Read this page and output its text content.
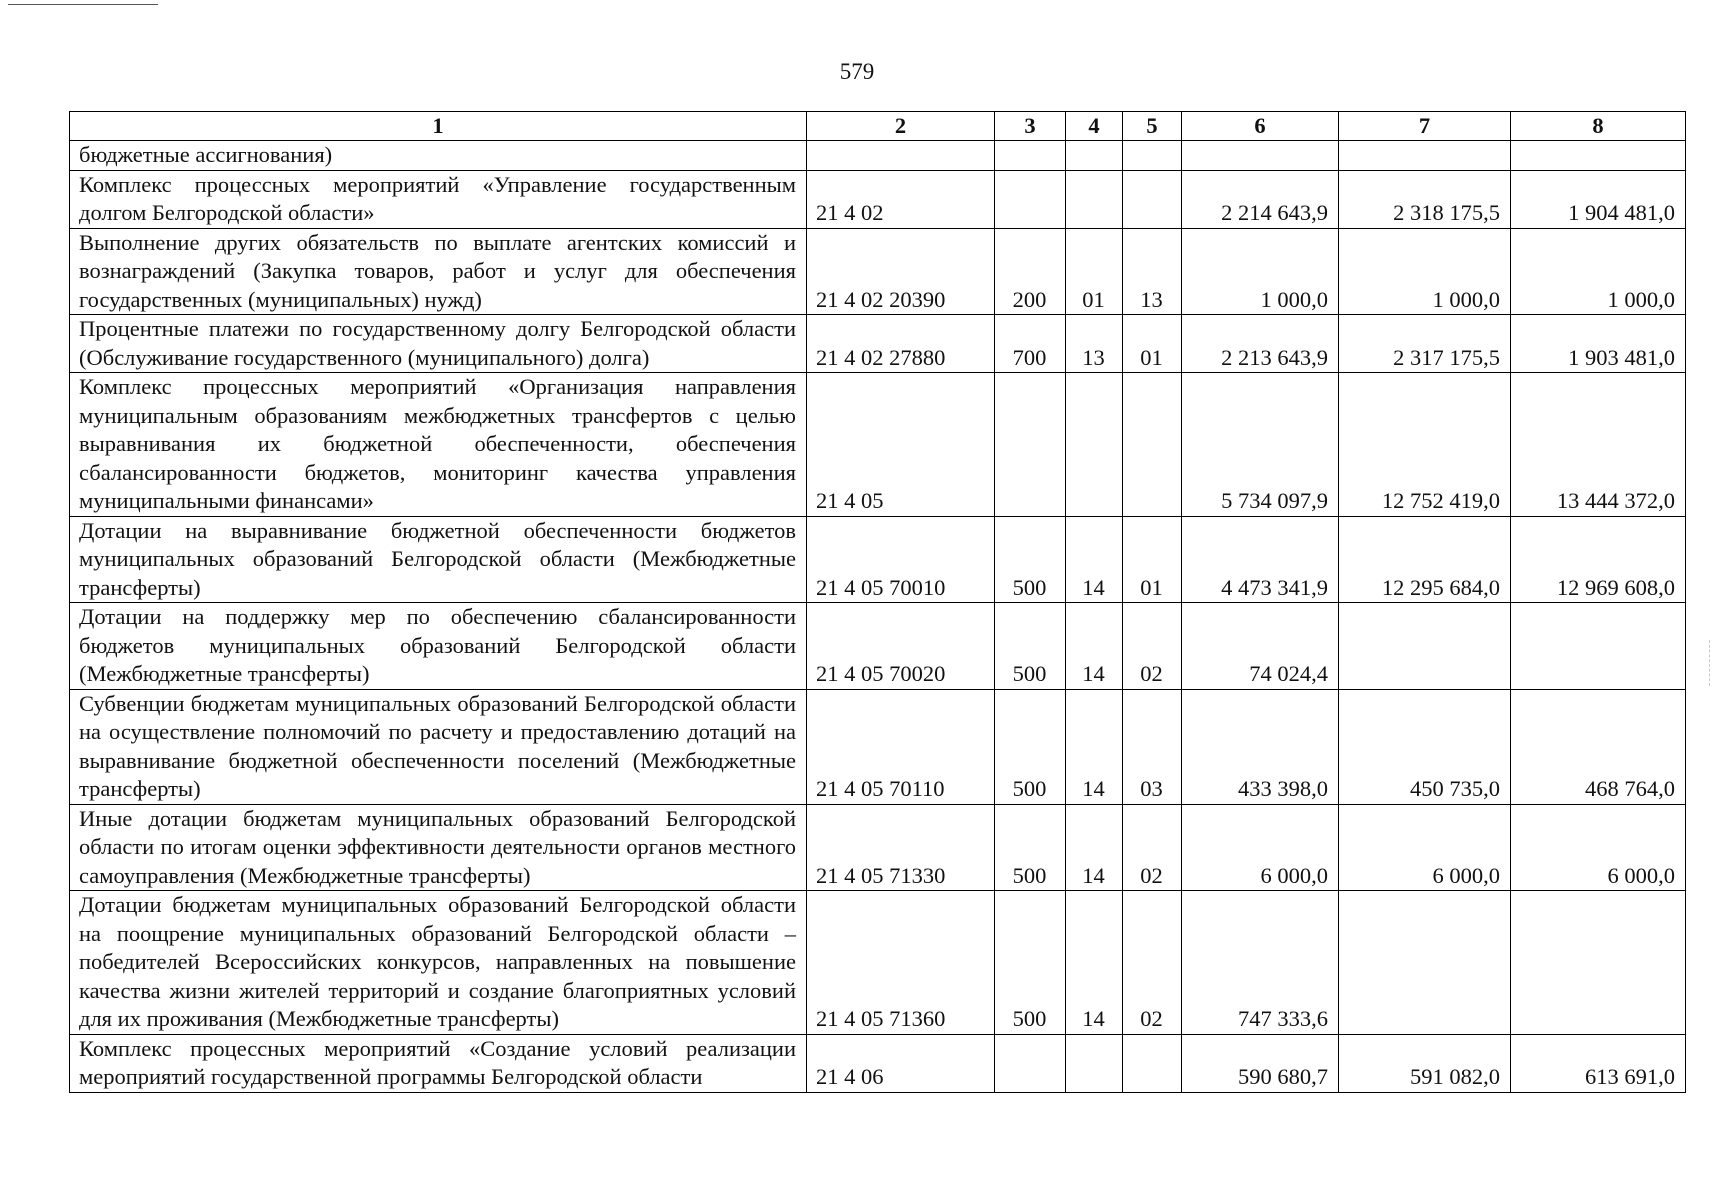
579
1	2	3	4	5	6	7	8
бюджетные ассигнования)							
Комплекс процессных мероприятий «Управление государственным долгом Белгородской области»	21 4 02				2 214 643,9	2 318 175,5	1 904 481,0
Выполнение других обязательств по выплате агентских комиссий и вознаграждений (Закупка товаров, работ и услуг для обеспечения государственных (муниципальных) нужд)	21 4 02 20390	200	01	13	1 000,0	1 000,0	1 000,0
Процентные платежи по государственному долгу Белгородской области (Обслуживание государственного (муниципального) долга)	21 4 02 27880	700	13	01	2 213 643,9	2 317 175,5	1 903 481,0
Комплекс процессных мероприятий «Организация направления муниципальным образованиям межбюджетных трансфертов с целью выравнивания их бюджетной обеспеченности, обеспечения сбалансированности бюджетов, мониторинг качества управления муниципальными финансами»	21 4 05				5 734 097,9	12 752 419,0	13 444 372,0
Дотации на выравнивание бюджетной обеспеченности бюджетов муниципальных образований Белгородской области (Межбюджетные трансферты)	21 4 05 70010	500	14	01	4 473 341,9	12 295 684,0	12 969 608,0
Дотации на поддержку мер по обеспечению сбалансированности бюджетов муниципальных образований Белгородской области (Межбюджетные трансферты)	21 4 05 70020	500	14	02	74 024,4		
Субвенции бюджетам муниципальных образований Белгородской области на осуществление полномочий по расчету и предоставлению дотаций на выравнивание бюджетной обеспеченности поселений (Межбюджетные трансферты)	21 4 05 70110	500	14	03	433 398,0	450 735,0	468 764,0
Иные дотации бюджетам муниципальных образований Белгородской области по итогам оценки эффективности деятельности органов местного самоуправления (Межбюджетные трансферты)	21 4 05 71330	500	14	02	6 000,0	6 000,0	6 000,0
Дотации бюджетам муниципальных образований Белгородской области на поощрение муниципальных образований Белгородской области – победителей Всероссийских конкурсов, направленных на повышение качества жизни жителей территорий и создание благоприятных условий для их проживания (Межбюджетные трансферты)	21 4 05 71360	500	14	02	747 333,6		
Комплекс процессных мероприятий «Создание условий реализации мероприятий государственной программы Белгородской области	21 4 06				590 680,7	591 082,0	613 691,0
